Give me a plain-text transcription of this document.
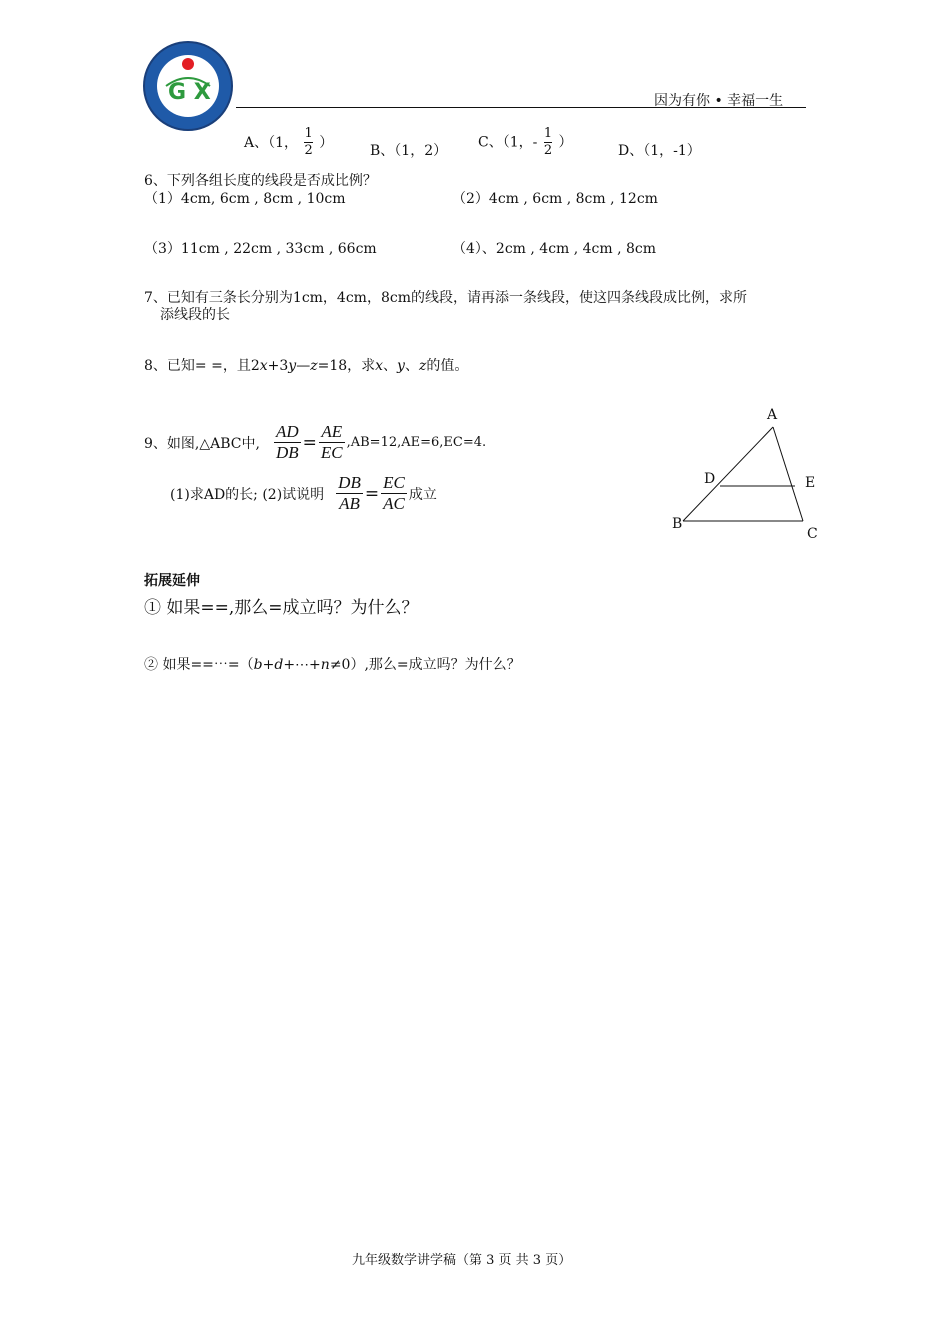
G X	因为有你 • 幸福一生
A、（1， $\frac{1}{2}$ ）
B、（1，2）
C、（1，- $\frac{1}{2}$ ）
D、（1，-1）
6、下列各组长度的线段是否成比例？
（1）4cm, 6cm , 8cm , 10cm	（2）4cm , 6cm , 8cm , 12cm
（3）11cm , 22cm , 33cm , 66cm	（4）、2cm , 4cm , 4cm , 8cm
7、已知有三条长分别为1cm，4cm，8cm的线段，请再添一条线段，使这四条线段成比例，求所
添线段的长
8、已知= =，且2x+3y—z=18，求x、y、z的值。
9、如图,△ABC中, $\frac{AD}{DB} = \frac{AE}{EC} ,AB=12,AE=6,EC=4$.
(1)求AD的长; (2)试说明 $\frac{DB}{AB} = \frac{EC}{AC}$ 成立
A
D	E
B
C
拓展延伸
① 如果==,那么=成立吗？为什么？
② 如果==⋯=（b+d+⋯+n≠0）,那么=成立吗？为什么？
九年级数学讲学稿（第 3 页 共 3 页）
